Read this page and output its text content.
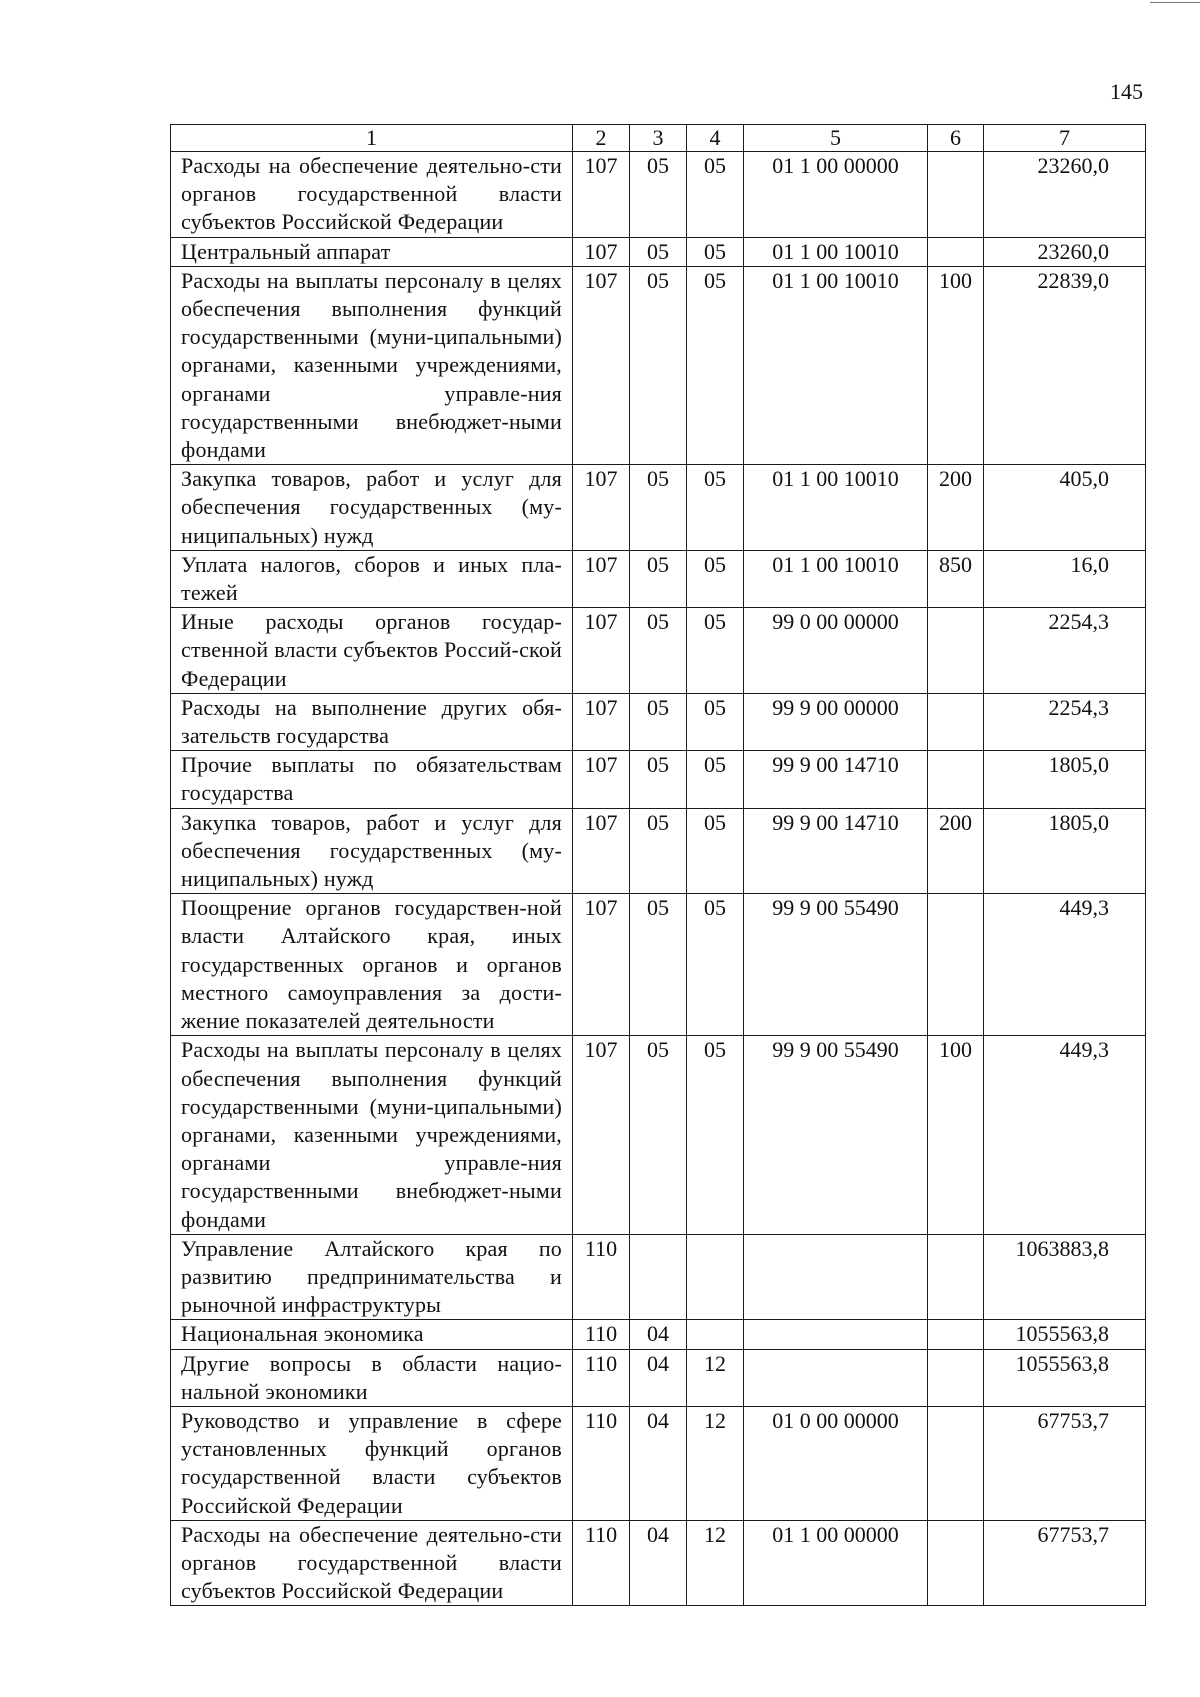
145
1	2	3	4	5	6	7
Расходы на обеспечение деятельно-сти органов государственной власти субъектов Российской Федерации	107	05	05	01 1 00 00000		23260,0
Центральный аппарат	107	05	05	01 1 00 10010		23260,0
Расходы на выплаты персоналу в целях обеспечения выполнения функций государственными (муни-ципальными) органами, казенными учреждениями, органами управле-ния государственными внебюджет-ными фондами	107	05	05	01 1 00 10010	100	22839,0
Закупка товаров, работ и услуг для обеспечения государственных (му-ниципальных) нужд	107	05	05	01 1 00 10010	200	405,0
Уплата налогов, сборов и иных пла-тежей	107	05	05	01 1 00 10010	850	16,0
Иные расходы органов государ-ственной власти субъектов Россий-ской Федерации	107	05	05	99 0 00 00000		2254,3
Расходы на выполнение других обя-зательств государства	107	05	05	99 9 00 00000		2254,3
Прочие выплаты по обязательствам государства	107	05	05	99 9 00 14710		1805,0
Закупка товаров, работ и услуг для обеспечения государственных (му-ниципальных) нужд	107	05	05	99 9 00 14710	200	1805,0
Поощрение органов государствен-ной власти Алтайского края, иных государственных органов и органов местного самоуправления за дости-жение показателей деятельности	107	05	05	99 9 00 55490		449,3
Расходы на выплаты персоналу в целях обеспечения выполнения функций государственными (муни-ципальными) органами, казенными учреждениями, органами управле-ния государственными внебюджет-ными фондами	107	05	05	99 9 00 55490	100	449,3
Управление Алтайского края по развитию предпринимательства и рыночной инфраструктуры	110					1063883,8
Национальная экономика	110	04				1055563,8
Другие вопросы в области нацио-нальной экономики	110	04	12			1055563,8
Руководство и управление в сфере установленных функций органов государственной власти субъектов Российской Федерации	110	04	12	01 0 00 00000		67753,7
Расходы на обеспечение деятельно-сти органов государственной власти субъектов Российской Федерации	110	04	12	01 1 00 00000		67753,7
